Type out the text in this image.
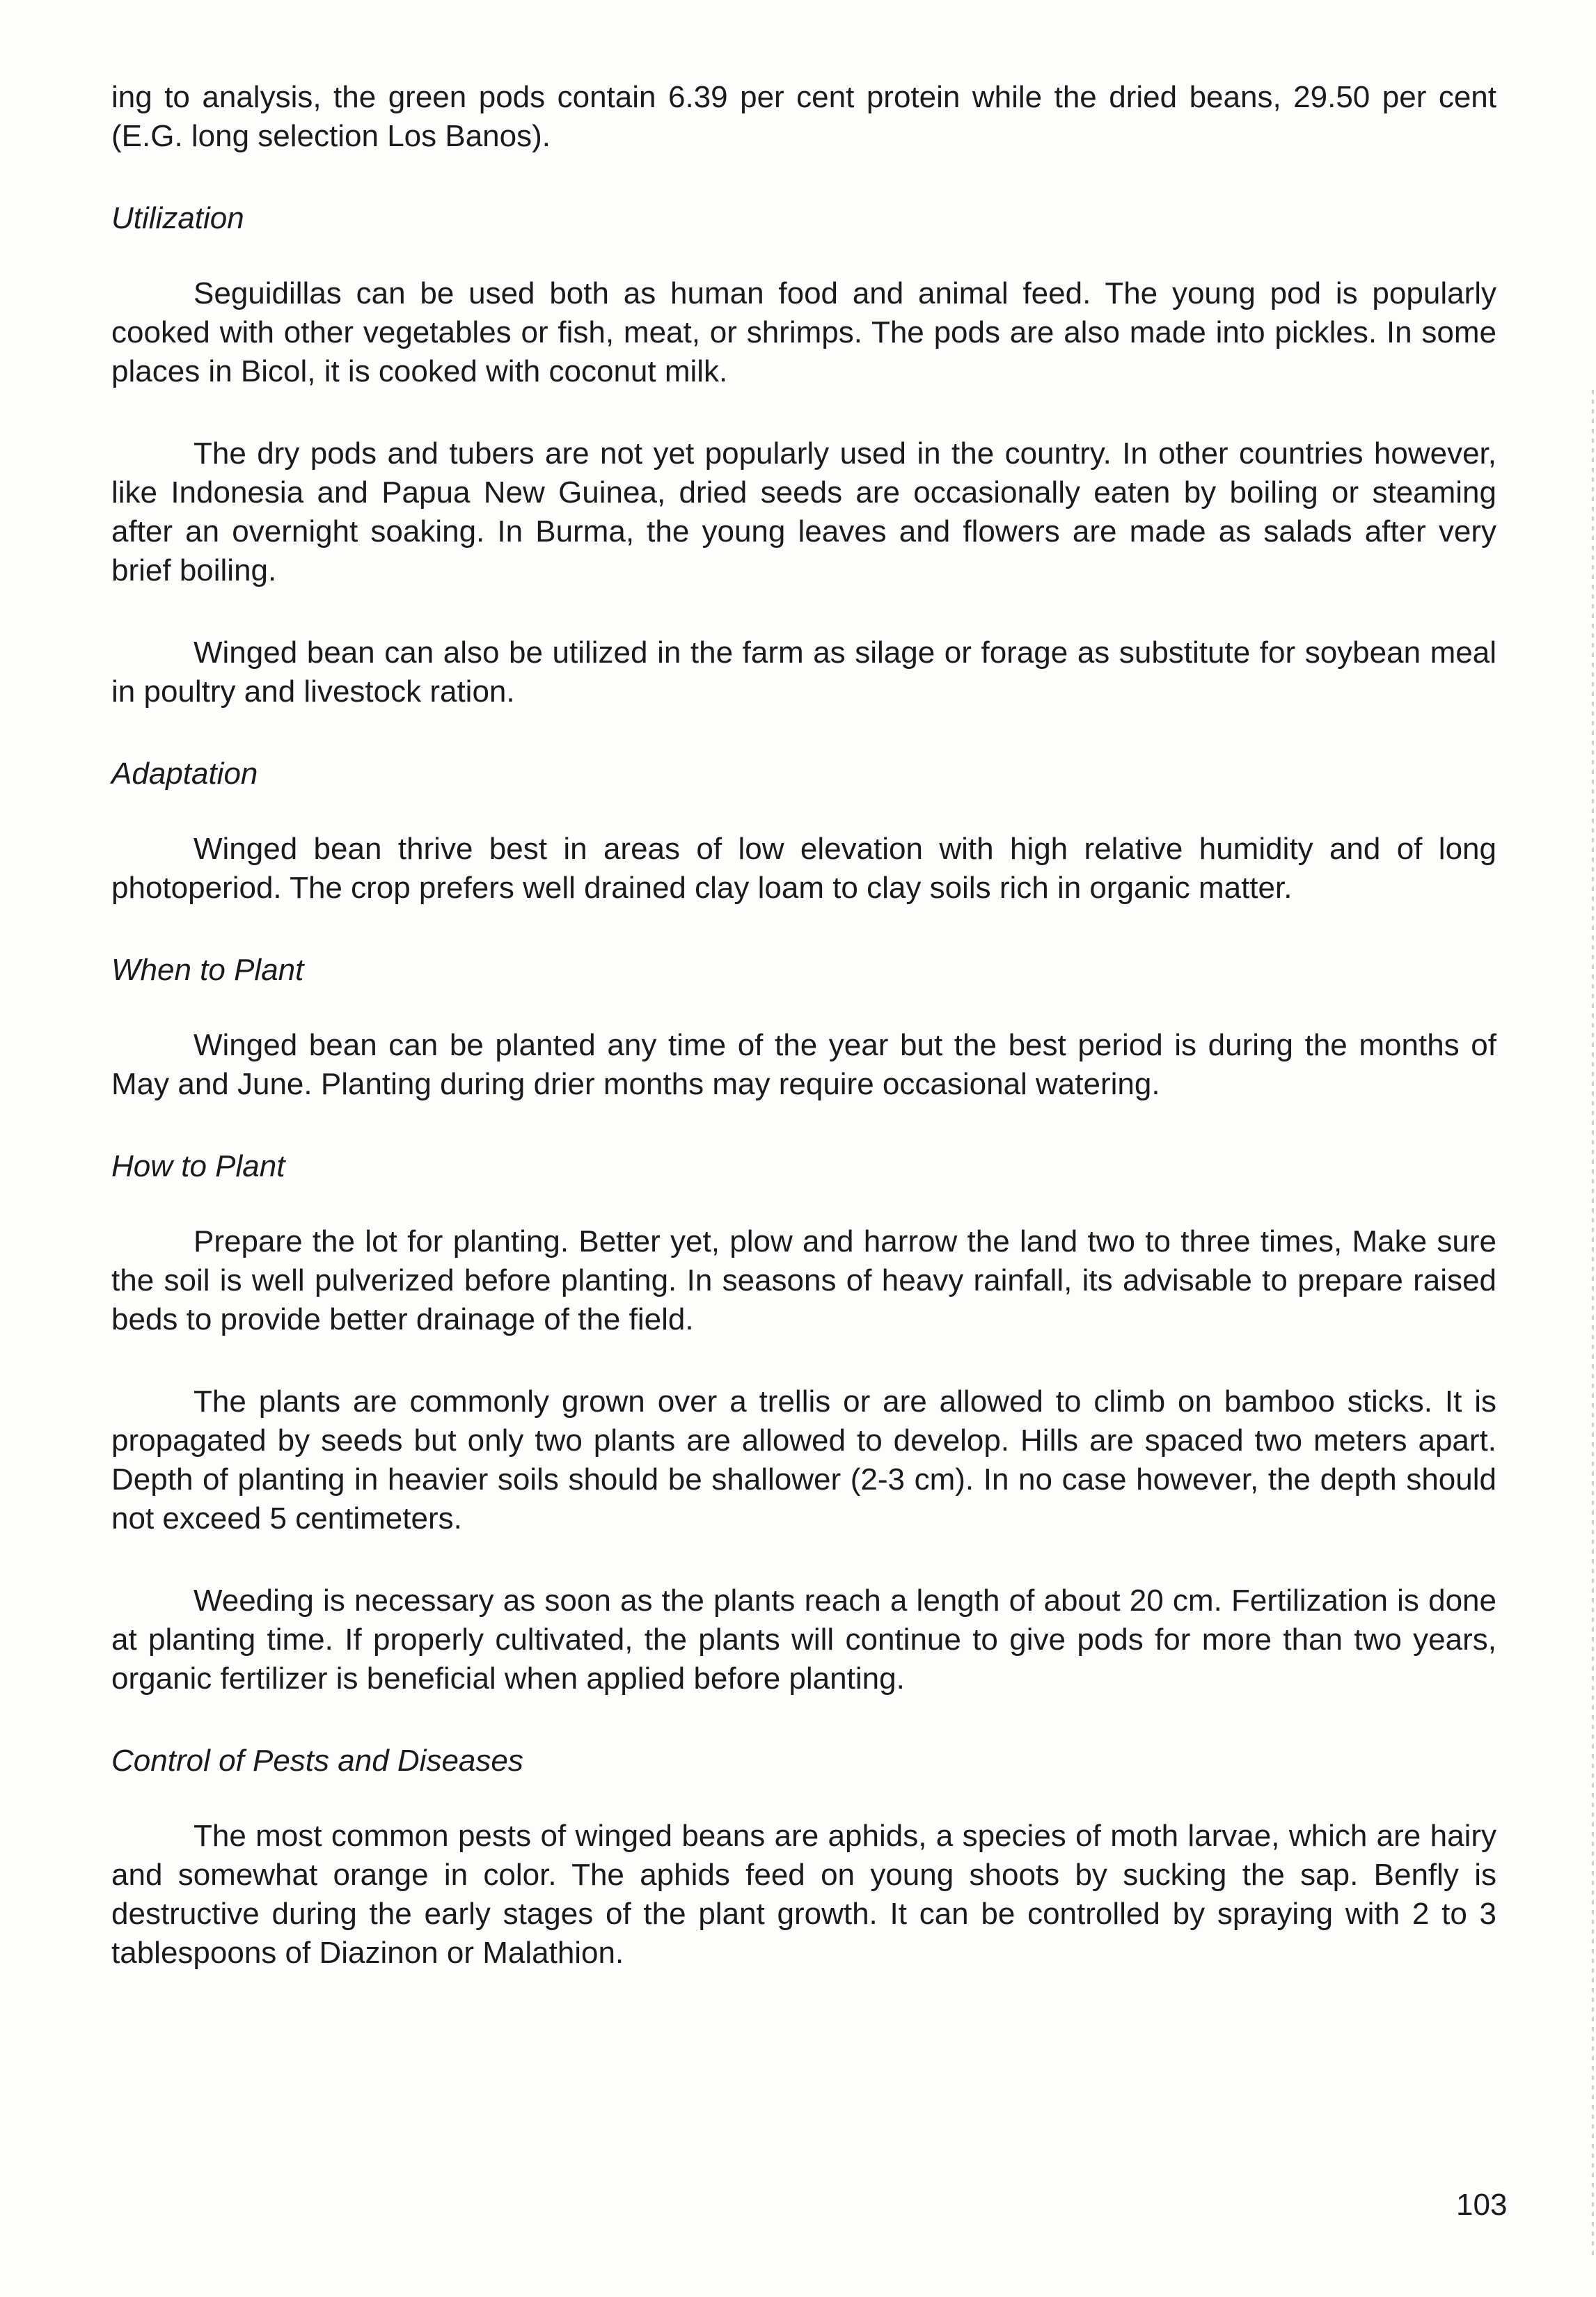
ing to analysis, the green pods contain 6.39 per cent protein while the dried beans, 29.50 per cent (E.G. long selection Los Banos).

Utilization

Seguidillas can be used both as human food and animal feed. The young pod is popularly cooked with other vegetables or fish, meat, or shrimps. The pods are also made into pickles. In some places in Bicol, it is cooked with coconut milk.

The dry pods and tubers are not yet popularly used in the country. In other countries however, like Indonesia and Papua New Guinea, dried seeds are occasionally eaten by boiling or steaming after an overnight soaking. In Burma, the young leaves and flowers are made as salads after very brief boiling.

Winged bean can also be utilized in the farm as silage or forage as substitute for soybean meal in poultry and livestock ration.

Adaptation

Winged bean thrive best in areas of low elevation with high relative humidity and of long photoperiod. The crop prefers well drained clay loam to clay soils rich in organic matter.

When to Plant

Winged bean can be planted any time of the year but the best period is during the months of May and June. Planting during drier months may require occasional watering.

How to Plant

Prepare the lot for planting. Better yet, plow and harrow the land two to three times, Make sure the soil is well pulverized before planting. In seasons of heavy rainfall, its advisable to prepare raised beds to provide better drainage of the field.

The plants are commonly grown over a trellis or are allowed to climb on bamboo sticks. It is propagated by seeds but only two plants are allowed to develop. Hills are spaced two meters apart. Depth of planting in heavier soils should be shallower (2-3 cm). In no case however, the depth should not exceed 5 centimeters.

Weeding is necessary as soon as the plants reach a length of about 20 cm. Fertilization is done at planting time. If properly cultivated, the plants will continue to give pods for more than two years, organic fertilizer is beneficial when applied before planting.

Control of Pests and Diseases

The most common pests of winged beans are aphids, a species of moth larvae, which are hairy and somewhat orange in color. The aphids feed on young shoots by sucking the sap. Benfly is destructive during the early stages of the plant growth. It can be controlled by spraying with 2 to 3 tablespoons of Diazinon or Malathion.

103
